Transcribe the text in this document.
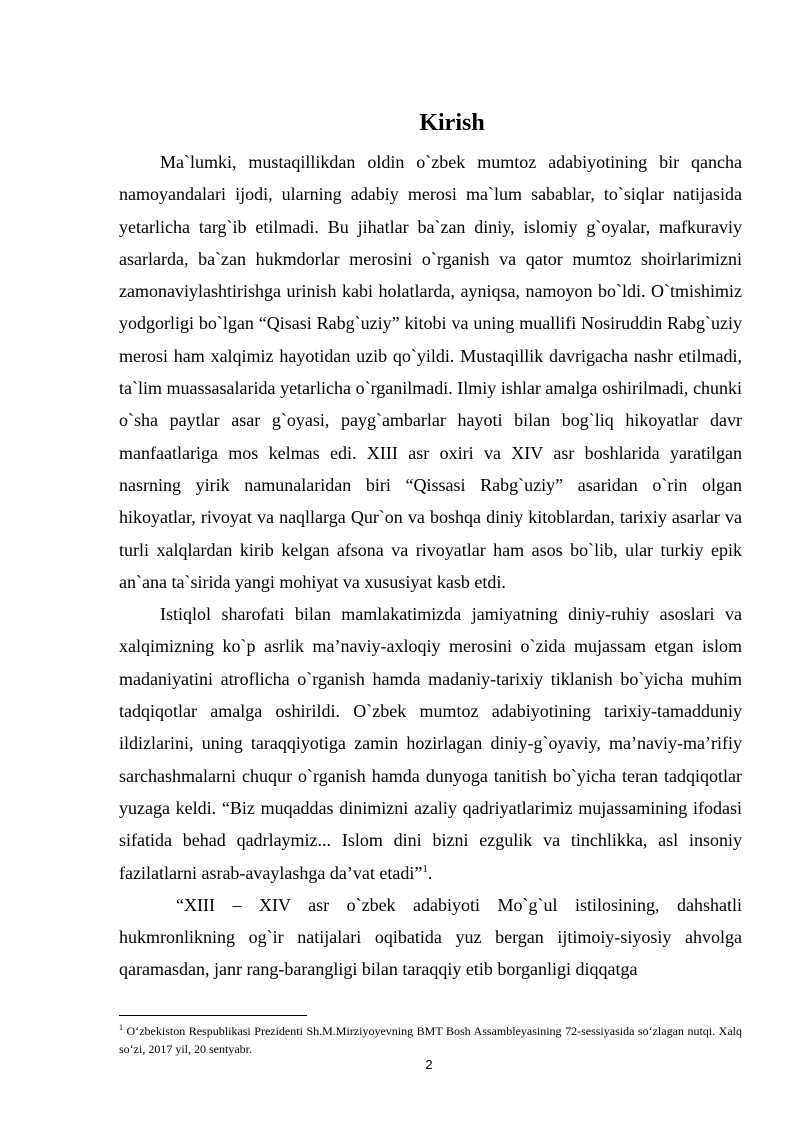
Kirish

Ma`lumki, mustaqillikdan oldin o`zbek mumtoz adabiyotining bir qancha namoyandalari ijodi, ularning adabiy merosi ma`lum sabablar, to`siqlar natijasida yetarlicha targ`ib etilmadi. Bu jihatlar ba`zan diniy, islomiy g`oyalar, mafkuraviy asarlarda, ba`zan hukmdorlar merosini o`rganish va qator mumtoz shoirlarimizni zamonaviylashtirishga urinish kabi holatlarda, ayniqsa, namoyon bo`ldi. O`tmishimiz yodgorligi bo`lgan “Qisasi Rabg`uziy” kitobi va uning muallifi Nosiruddin Rabg`uziy merosi ham xalqimiz hayotidan uzib qo`yildi. Mustaqillik davrigacha nashr etilmadi, ta`lim muassasalarida yetarlicha o`rganilmadi. Ilmiy ishlar amalga oshirilmadi, chunki o`sha paytlar asar g`oyasi, payg`ambarlar hayoti bilan bog`liq hikoyatlar davr manfaatlariga mos kelmas edi. XIII asr oxiri va XIV asr boshlarida yaratilgan nasrning yirik namunalaridan biri “Qissasi Rabg`uziy” asaridan o`rin olgan hikoyatlar, rivoyat va naqllarga Qur`on va boshqa diniy kitoblardan, tarixiy asarlar va turli xalqlardan kirib kelgan afsona va rivoyatlar ham asos bo`lib, ular turkiy epik an`ana ta`sirida yangi mohiyat va xususiyat kasb etdi.

Istiqlol sharofati bilan mamlakatimizda jamiyatning diniy-ruhiy asoslari va xalqimizning ko`p asrlik ma’naviy-axloqiy merosini o`zida mujassam etgan islom madaniyatini atroflicha o`rganish hamda madaniy-tarixiy tiklanish bo`yicha muhim tadqiqotlar amalga oshirildi. O`zbek mumtoz adabiyotining tarixiy-tamadduniy ildizlarini, uning taraqqiyotiga zamin hozirlagan diniy-g`oyaviy, ma’naviy-ma’rifiy sarchashmalarni chuqur o`rganish hamda dunyoga tanitish bo`yicha teran tadqiqotlar yuzaga keldi. “Biz muqaddas dinimizni azaliy qadriyatlarimiz mujassamining ifodasi sifatida behad qadrlaymiz... Islom dini bizni ezgulik va tinchlikka, asl insoniy fazilatlarni asrab-avaylashga da’vat etadi”$^1$.

“XIII – XIV asr o`zbek adabiyoti Mo`g`ul istilosining, dahshatli hukmronlikning og`ir natijalari oqibatida yuz bergan ijtimoiy-siyosiy ahvolga qaramasdan, janr rang-barangligi bilan taraqqiy etib borganligi diqqatga

$^1$ O‘zbekiston Respublikasi Prezidenti Sh.M.Mirziyoyevning BMT Bosh Assambleyasining 72-sessiyasida so‘zlagan nutqi. Xalq so‘zi, 2017 yil, 20 sentyabr.

2
